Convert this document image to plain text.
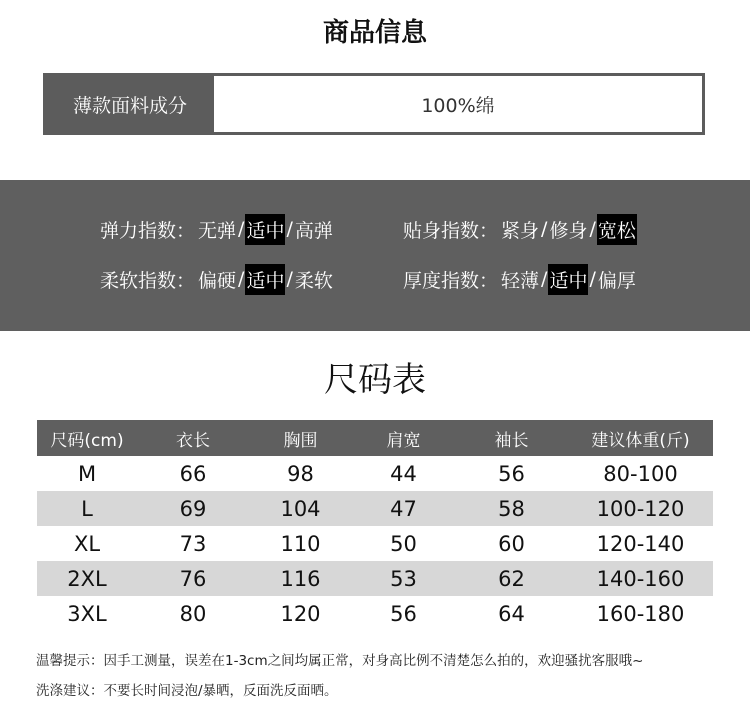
商品信息
薄款面料成分	100%绵
弹力指数： 无弹 / 适中 / 高弹	贴身指数： 紧身 / 修身 / 宽松
柔软指数： 偏硬 / 适中 / 柔软	厚度指数： 轻薄 / 适中 / 偏厚
尺码表
尺码(cm)	衣长	胸围	肩宽	袖长	建议体重(斤)
M	66	98	44	56	80-100
L	69	104	47	58	100-120
XL	73	110	50	60	120-140
2XL	76	116	53	62	140-160
3XL	80	120	56	64	160-180
温馨提示：因手工测量，误差在1-3cm之间均属正常，对身高比例不清楚怎么拍的，欢迎骚扰客服哦~
洗涤建议：不要长时间浸泡/暴晒，反面洗反面晒。
